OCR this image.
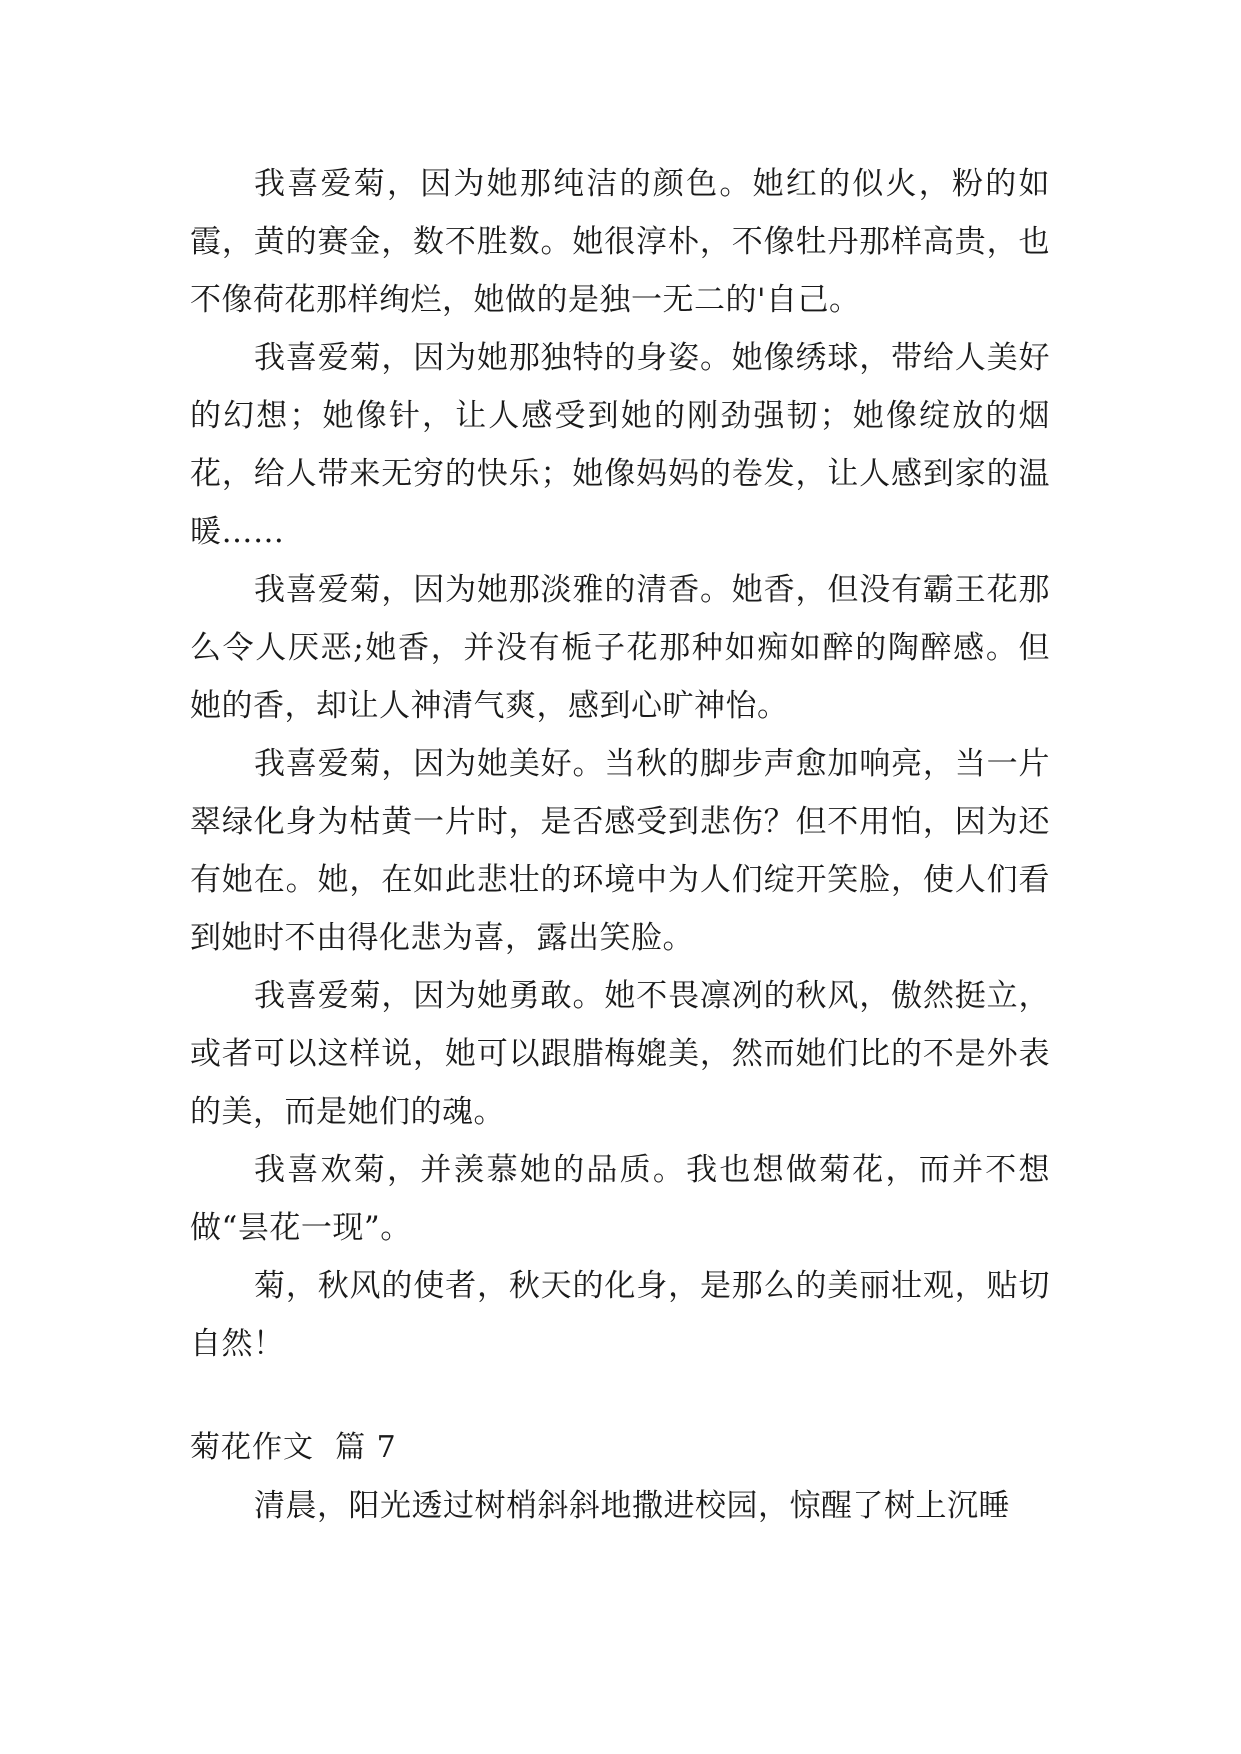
我喜爱菊，因为她那纯洁的颜色。她红的似火，粉的如霞，黄的赛金，数不胜数。她很淳朴，不像牡丹那样高贵，也不像荷花那样绚烂，她做的是独一无二的'自己。

我喜爱菊，因为她那独特的身姿。她像绣球，带给人美好的幻想；她像针，让人感受到她的刚劲强韧；她像绽放的烟花，给人带来无穷的快乐；她像妈妈的卷发，让人感到家的温暖……

我喜爱菊，因为她那淡雅的清香。她香，但没有霸王花那么令人厌恶;她香，并没有栀子花那种如痴如醉的陶醉感。但她的香，却让人神清气爽，感到心旷神怡。

我喜爱菊，因为她美好。当秋的脚步声愈加响亮，当一片翠绿化身为枯黄一片时，是否感受到悲伤？但不用怕，因为还有她在。她，在如此悲壮的环境中为人们绽开笑脸，使人们看到她时不由得化悲为喜，露出笑脸。

我喜爱菊，因为她勇敢。她不畏凛冽的秋风，傲然挺立，或者可以这样说，她可以跟腊梅媲美，然而她们比的不是外表的美，而是她们的魂。

我喜欢菊，并羡慕她的品质。我也想做菊花，而并不想做“昙花一现”。

菊，秋风的使者，秋天的化身，是那么的美丽壮观，贴切自然！

菊花作文  篇 7

清晨，阳光透过树梢斜斜地撒进校园，惊醒了树上沉睡
